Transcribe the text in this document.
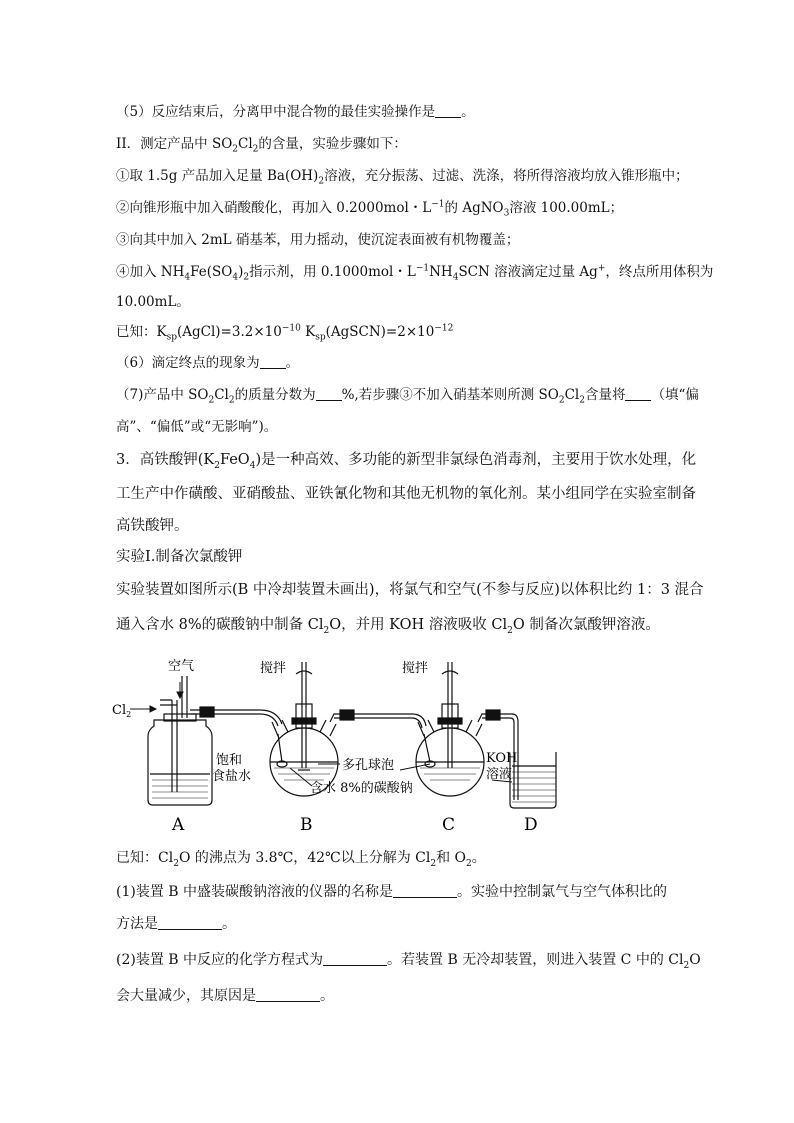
（5）反应结束后，分离甲中混合物的最佳实验操作是 。
II．测定产品中 $SO_2Cl_2$的含量，实验步骤如下：
①取 1.5g 产品加入足量 $Ba(OH)_2$溶液，充分振荡、过滤、洗涤，将所得溶液均放入锥形瓶中；
②向锥形瓶中加入硝酸酸化，再加入 0.2000mol・$L^{-1}$的 AgNO$_3$溶液 100.00mL；
③向其中加入 2mL 硝基苯，用力摇动，使沉淀表面被有机物覆盖；
④加入 $NH_4Fe(SO_4)_2$指示剂，用 0.1000mol・$L^{-1}NH_4SCN$ 溶液滴定过量 Ag+，终点所用体积为
10.00mL。
已知：$K_{sp}(AgCl)=3.2\times 10^{-10}$ $K_{sp}(AgSCN)=2\times 10^{-12}$
（6）滴定终点的现象为 。
（7)产品中 $SO_2Cl_2$的质量分数为 %,若步骤③不加入硝基苯则所测 $SO_2Cl_2$含量将 （填“偏
高”、“偏低”或“无影响”)。
3．高铁酸钾$(K_2FeO_4)$是一种高效、多功能的新型非氯绿色消毒剂，主要用于饮水处理，化
工生产中作磺酸、亚硝酸盐、亚铁氰化物和其他无机物的氧化剂。某小组同学在实验室制备
高铁酸钾。
实验Ⅰ.制备次氯酸钾
实验装置如图所示(B 中冷却装置未画出)，将氯气和空气(不参与反应)以体积比约 1：3 混合
通入含水 8%的碳酸钠中制备 $Cl_2O$，并用 KOH 溶液吸收 $Cl_2O$ 制备次氯酸钾溶液。
空气
$Cl_2$
搅拌	搅拌
饱和
食盐水
多孔球泡
含水 8%的碳酸钠
KOH
溶液
A	B	C	D
已知：$Cl_2O$ 的沸点为 3.8℃，42℃以上分解为 $Cl_2$和 $O_2$。
(1)装置 B 中盛装碳酸钠溶液的仪器的名称是	。实验中控制氯气与空气体积比的
方法是	。
(2)装置 B 中反应的化学方程式为	。若装置 B 无冷却装置，则进入装置 C 中的 $Cl_2O$
会大量减少，其原因是	。
